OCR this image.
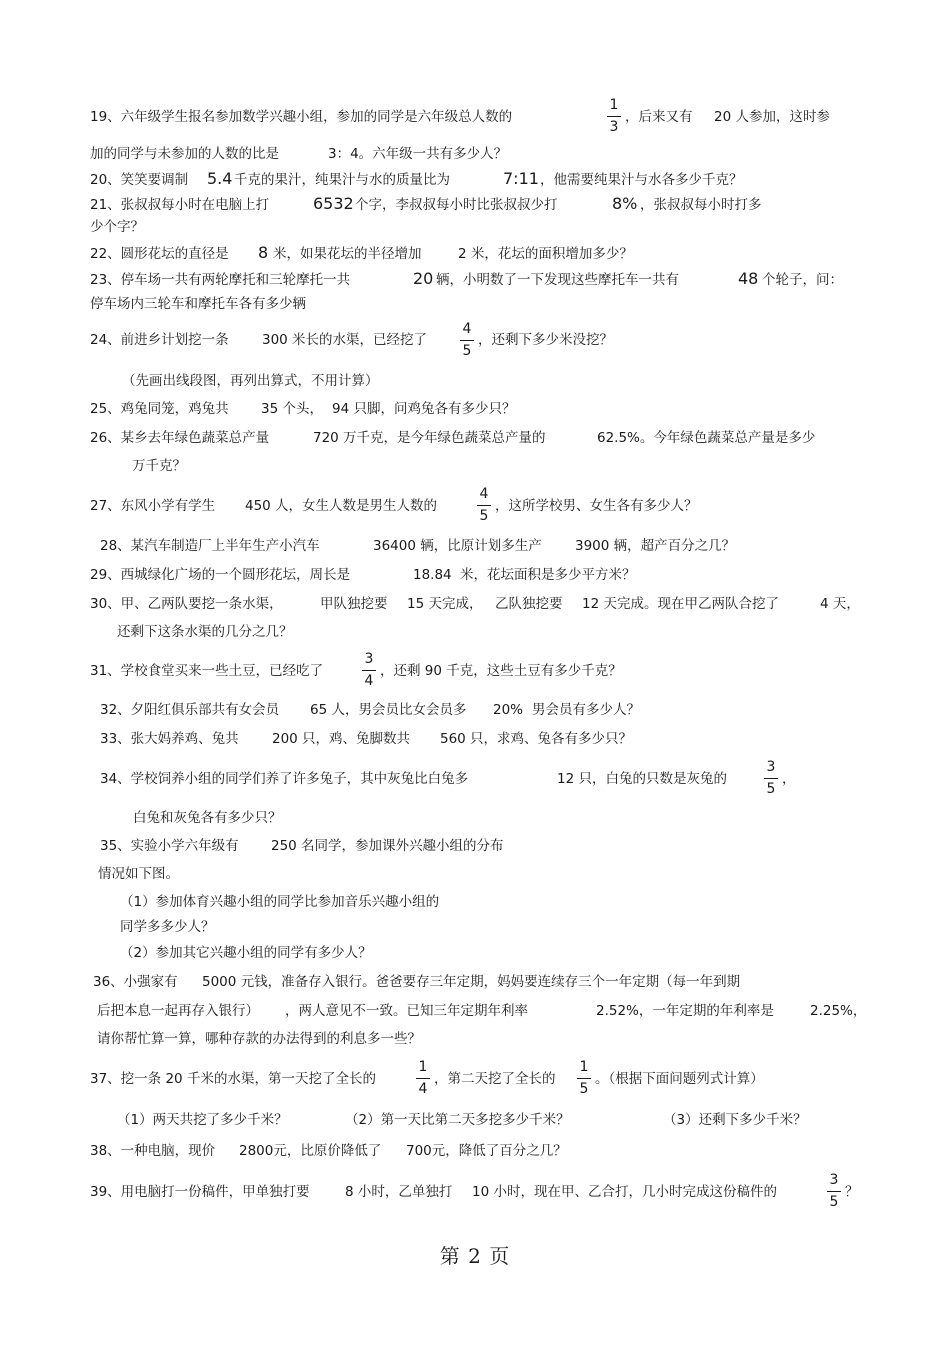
19、六年级学生报名参加数学兴趣小组，参加的同学是六年级总人数的
1
3
，后来又有 20 人参加，这时参
加的同学与未参加的人数的比是	3：4。六年级一共有多少人？
20、笑笑要调制 5.4 千克的果汁，纯果汁与水的质量比为	7:11 ，他需要纯果汁与水各多少千克？
21、张叔叔每小时在电脑上打	6532 个字，李叔叔每小时比张叔叔少打	8% ，张叔叔每小时打多
少个字？
22、圆形花坛的直径是 8 米，如果花坛的半径增加	2 米，花坛的面积增加多少？
23、停车场一共有两轮摩托和三轮摩托一共	20 辆，小明数了一下发现这些摩托车一共有	48 个轮子，问：
停车场内三轮车和摩托车各有多少辆
24、前进乡计划挖一条 300 米长的水渠，已经挖了
4
5
，还剩下多少米没挖？
（先画出线段图，再列出算式，不用计算）
25、鸡兔同笼，鸡兔共 35 个头， 94 只脚，问鸡兔各有多少只？
26、某乡去年绿色蔬菜总产量	720 万千克，是今年绿色蔬菜总产量的	62.5%。今年绿色蔬菜总产量是多少
万千克？
27、东风小学有学生 450 人，女生人数是男生人数的
4
5
，这所学校男、女生各有多少人？
28、某汽车制造厂上半年生产小汽车	36400 辆，比原计划多生产 3900 辆，超产百分之几？
29、西城绿化广场的一个圆形花坛，周长是	18.84 米，花坛面积是多少平方米？
30、甲、乙两队要挖一条水渠，	甲队独挖要 15 天完成， 乙队独挖要 12 天完成。现在甲乙两队合挖了	4 天，
还剩下这条水渠的几分之几？
31、学校食堂买来一些土豆，已经吃了
3
4
，还剩 90 千克，这些土豆有多少千克？
32、夕阳红俱乐部共有女会员 65 人，男会员比女会员多 20% 男会员有多少人？
33、张大妈养鸡、兔共 200 只，鸡、兔脚数共 560 只，求鸡、兔各有多少只？
34、学校饲养小组的同学们养了许多兔子，其中灰兔比白兔多	12 只，白兔的只数是灰兔的
3
5
，
白兔和灰兔各有多少只？
35、实验小学六年级有 250 名同学，参加课外兴趣小组的分布
情况如下图。
（1）参加体育兴趣小组的同学比参加音乐兴趣小组的
同学多多少人？
（2）参加其它兴趣小组的同学有多少人？
36、小强家有 5000 元钱，准备存入银行。爸爸要存三年定期，妈妈要连续存三个一年定期（每一年到期
后把本息一起再存入银行） ，两人意见不一致。已知三年定期年利率	2.52%，一年定期的年利率是	2.25%，
请你帮忙算一算，哪种存款的办法得到的利息多一些？
37、挖一条 20 千米的水渠，第一天挖了全长的
1
4
，第二天挖了全长的
1
5
。（根据下面问题列式计算）
（1）两天共挖了多少千米？	（2）第一天比第二天多挖多少千米？	（3）还剩下多少千米？
38、一种电脑，现价 2800元，比原价降低了 700元，降低了百分之几？
39、用电脑打一份稿件，甲单独打要	8 小时，乙单独打 10 小时，现在甲、乙合打，几小时完成这份稿件的
3
5
？
第 2 页
